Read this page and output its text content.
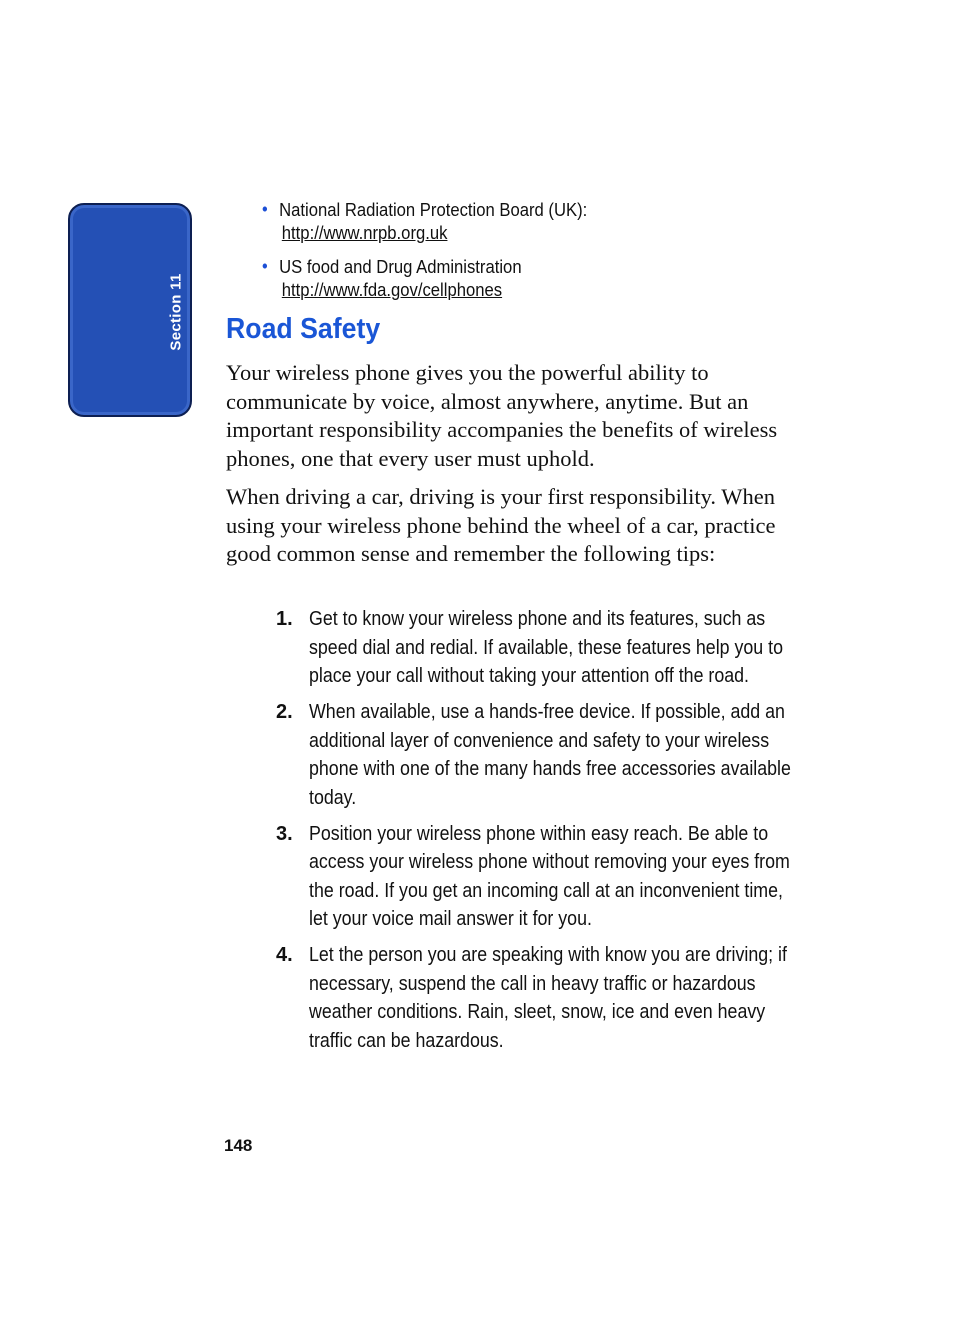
Section 11
• National Radiation Protection Board (UK):
http://www.nrpb.org.uk
• US food and Drug Administration
http://www.fda.gov/cellphones
Road Safety

Your wireless phone gives you the powerful ability to communicate by voice, almost anywhere, anytime. But an important responsibility accompanies the benefits of wireless phones, one that every user must uphold.

When driving a car, driving is your first responsibility. When using your wireless phone behind the wheel of a car, practice good common sense and remember the following tips:

1. Get to know your wireless phone and its features, such as speed dial and redial. If available, these features help you to place your call without taking your attention off the road.
2. When available, use a hands-free device. If possible, add an additional layer of convenience and safety to your wireless phone with one of the many hands free accessories available today.
3. Position your wireless phone within easy reach. Be able to access your wireless phone without removing your eyes from the road. If you get an incoming call at an inconvenient time, let your voice mail answer it for you.
4. Let the person you are speaking with know you are driving; if necessary, suspend the call in heavy traffic or hazardous weather conditions. Rain, sleet, snow, ice and even heavy traffic can be hazardous.
148
